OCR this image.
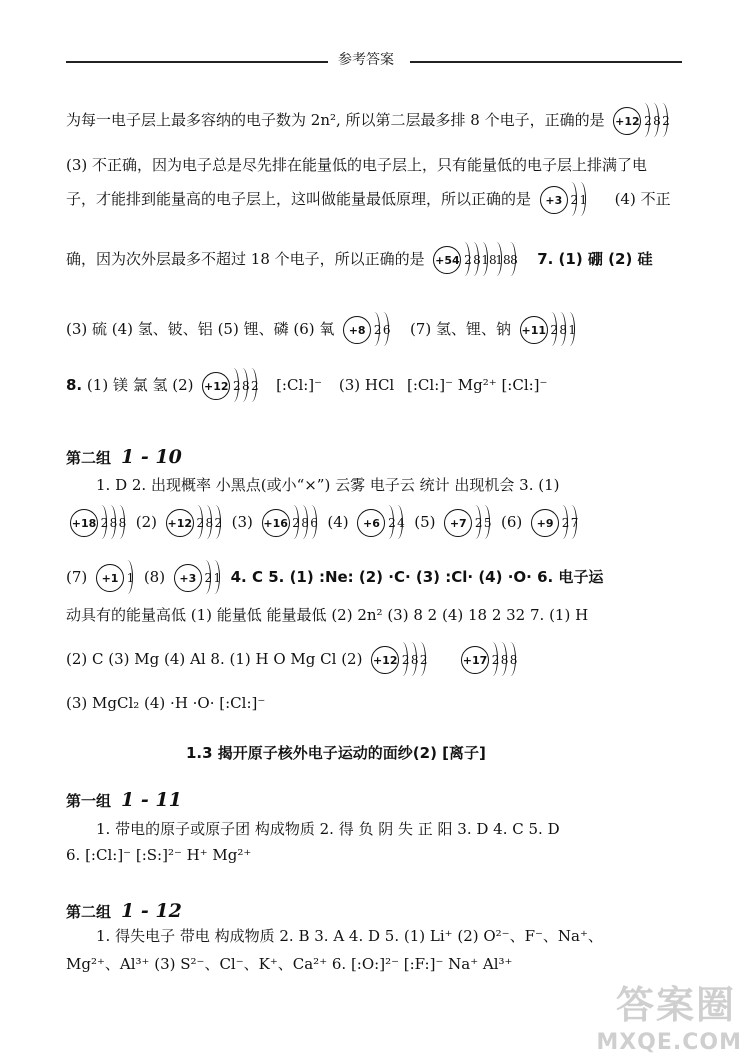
参考答案
为每一电子层上最多容纳的电子数为 2n², 所以第二层最多排 8 个电子，正确的是 +12 2 8 2
(3) 不正确，因为电子总是尽先排在能量低的电子层上，只有能量低的电子层上排满了电
子，才能排到能量高的电子层上，这叫做能量最低原理，所以正确的是	+3 2 1 (4) 不正
确，因为次外层最多不超过 18 个电子，所以正确的是 +54 2 8 18
18 8 7. (1) 硼 (2) 硅
(3) 硫 (4) 氢、铍、铝 (5) 锂、磷 (6) 氧	+8 2 6 (7) 氢、锂、钠 +11 2 8 1
8. (1) 镁 氯 氢 (2) +12 2 8 2 [:Cl:]⁻ (3) HCl [:Cl:]⁻ Mg²⁺ [:Cl:]⁻
第二组 1 - 10
1. D 2. 出现概率 小黑点(或小“×”) 云雾 电子云 统计 出现机会 3. (1)
+18 2 8 8 (2) +12 2 8 2 (3) +16 2 8 6 (4)	+6 2 4 (5)	+7 2 5 (6)	+9 2 7
(7)	+1 1 (8)	+3 2 1 4. C 5. (1) :Ne: (2) ·C· (3) :Cl· (4) ·O· 6. 电子运
动具有的能量高低 (1) 能量低 能量最低 (2) 2n² (3) 8 2 (4) 18 2 32 7. (1) H
(2) C (3) Mg (4) Al 8. (1) H O Mg Cl (2) +12 2 8 2
	+17 2 8 8
(3) MgCl₂ (4) ·H ·O· [:Cl:]⁻
1.3 揭开原子核外电子运动的面纱(2) [离子]
第一组 1 - 11
1. 带电的原子或原子团 构成物质 2. 得 负 阴 失 正 阳 3. D 4. C 5. D
6. [:Cl:]⁻ [:S:]²⁻ H⁺ Mg²⁺
第二组 1 - 12
1. 得失电子 带电 构成物质 2. B 3. A 4. D 5. (1) Li⁺ (2) O²⁻、F⁻、Na⁺、
Mg²⁺、Al³⁺ (3) S²⁻、Cl⁻、K⁺、Ca²⁺ 6. [:O:]²⁻ [:F:]⁻ Na⁺ Al³⁺
答案圈
MXQE.COM
